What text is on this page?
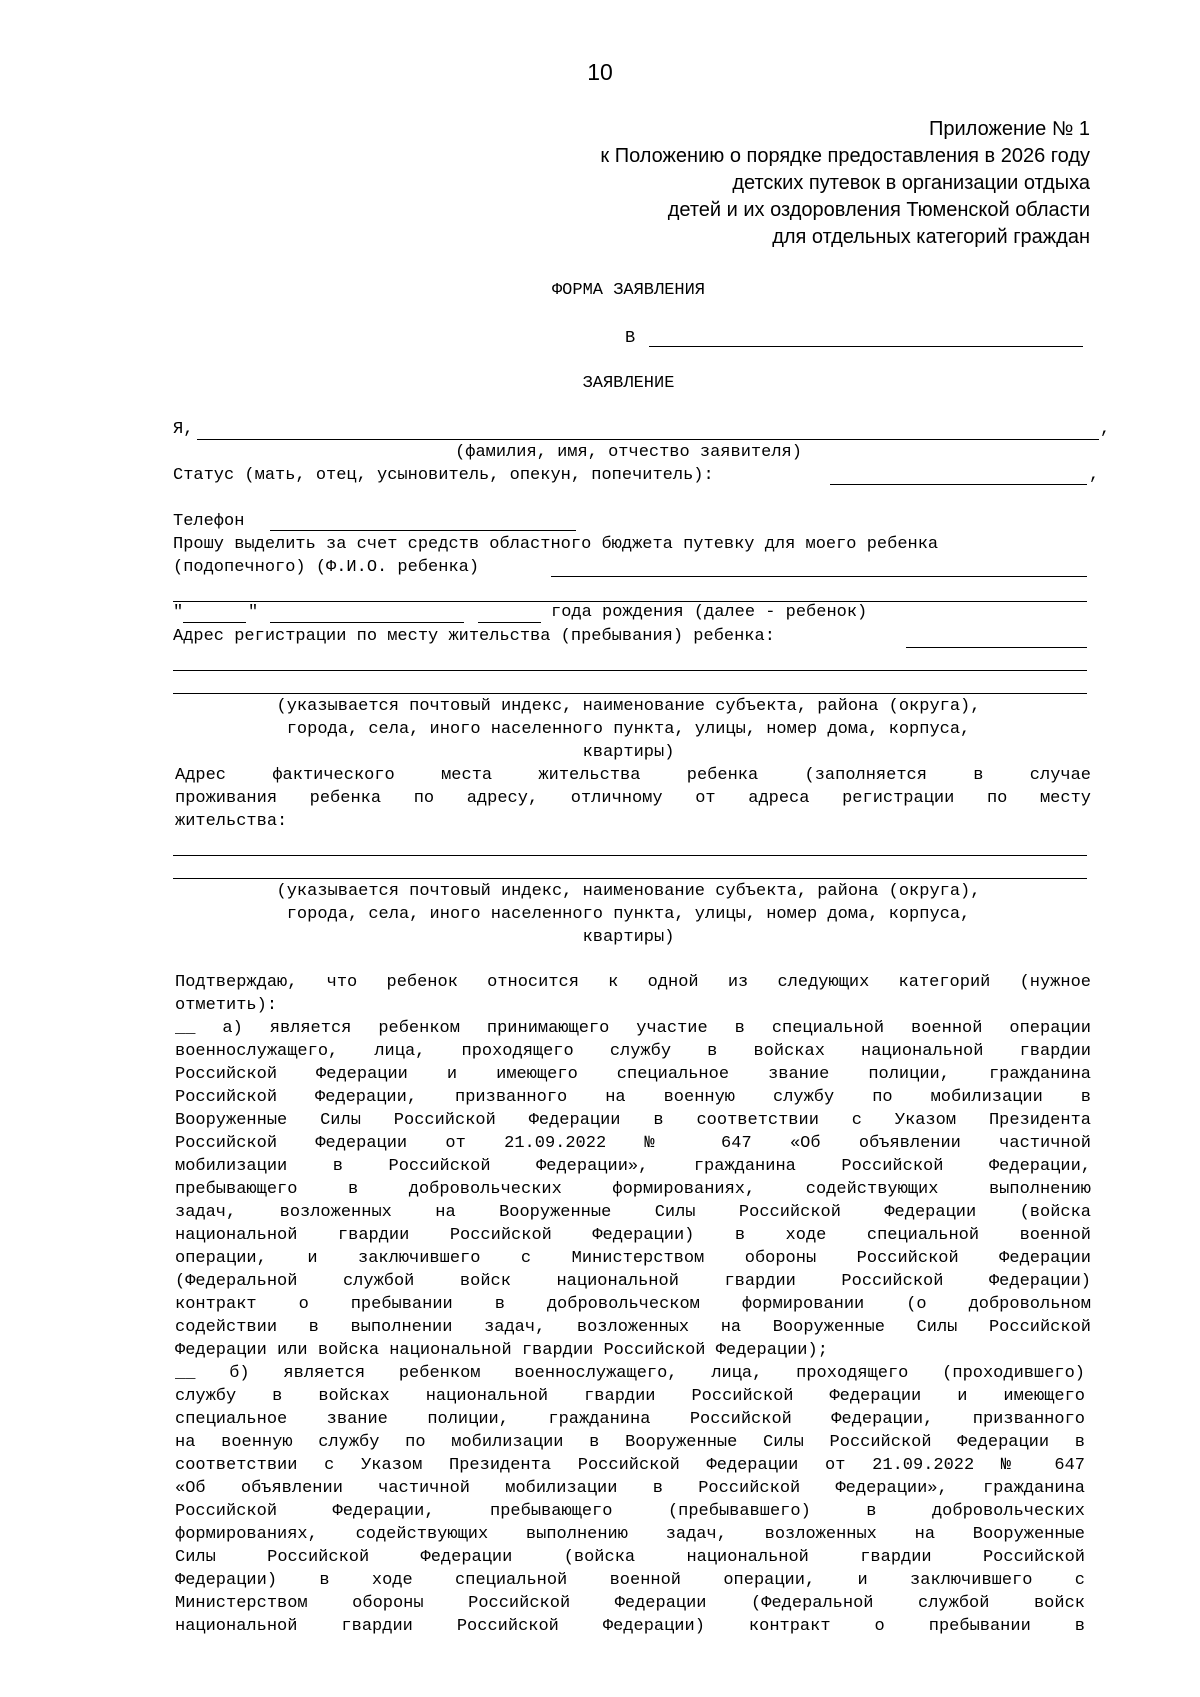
10
Приложение № 1
к Положению о порядке предоставления в 2026 году
детских путевок в организации отдыха
детей и их оздоровления Тюменской области
для отдельных категорий граждан
ФОРМА ЗАЯВЛЕНИЯ
В
ЗАЯВЛЕНИЕ
Я,	,
(фамилия, имя, отчество заявителя)
Статус (мать, отец, усыновитель, опекун, попечитель):	,
Телефон
Прошу выделить за счет средств областного бюджета путевку для моего ребенка
(подопечного) (Ф.И.О. ребенка)
"	"	года рождения (далее - ребенок)
Адрес регистрации по месту жительства (пребывания) ребенка:
(указывается почтовый индекс, наименование субъекта, района (округа),
города, села, иного населенного пункта, улицы, номер дома, корпуса,
квартиры)
Адрес фактического места жительства ребенка (заполняется в случае
проживания ребенка по адресу, отличному от адреса регистрации по месту
жительства:
(указывается почтовый индекс, наименование субъекта, района (округа),
города, села, иного населенного пункта, улицы, номер дома, корпуса,
квартиры)
Подтверждаю, что ребенок относится к одной из следующих категорий (нужное
отметить):
__ а) является ребенком принимающего участие в специальной военной операции
военнослужащего, лица, проходящего службу в войсках национальной гвардии
Российской Федерации и имеющего специальное звание полиции, гражданина
Российской Федерации, призванного на военную службу по мобилизации в
Вооруженные Силы Российской Федерации в соответствии с Указом Президента
Российской Федерации от 21.09.2022 № 647 «Об объявлении частичной
мобилизации в Российской Федерации», гражданина Российской Федерации,
пребывающего в добровольческих формированиях, содействующих выполнению
задач, возложенных на Вооруженные Силы Российской Федерации (войска
национальной гвардии Российской Федерации) в ходе специальной военной
операции, и заключившего с Министерством обороны Российской Федерации
(Федеральной службой войск национальной гвардии Российской Федерации)
контракт о пребывании в добровольческом формировании (о добровольном
содействии в выполнении задач, возложенных на Вооруженные Силы Российской
Федерации или войска национальной гвардии Российской Федерации);
__ б) является ребенком военнослужащего, лица, проходящего (проходившего)
службу в войсках национальной гвардии Российской Федерации и имеющего
специальное звание полиции, гражданина Российской Федерации, призванного
на военную службу по мобилизации в Вооруженные Силы Российской Федерации в
соответствии с Указом Президента Российской Федерации от 21.09.2022 № 647
«Об объявлении частичной мобилизации в Российской Федерации», гражданина
Российской Федерации, пребывающего (пребывавшего) в добровольческих
формированиях, содействующих выполнению задач, возложенных на Вооруженные
Силы Российской Федерации (войска национальной гвардии Российской
Федерации) в ходе специальной военной операции, и заключившего с
Министерством обороны Российской Федерации (Федеральной службой войск
национальной гвардии Российской Федерации) контракт о пребывании в
